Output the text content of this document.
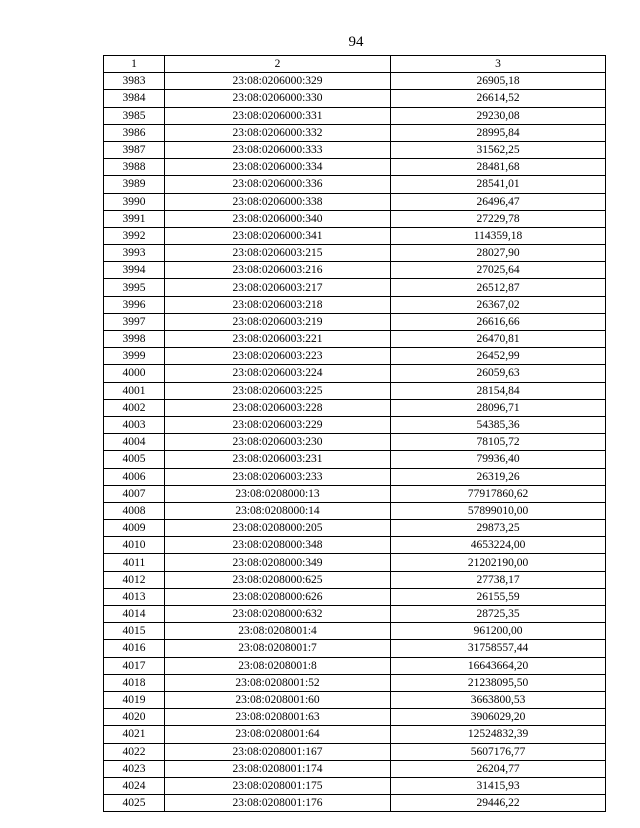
94
1	2	3
3983	23:08:0206000:329	26905,18
3984	23:08:0206000:330	26614,52
3985	23:08:0206000:331	29230,08
3986	23:08:0206000:332	28995,84
3987	23:08:0206000:333	31562,25
3988	23:08:0206000:334	28481,68
3989	23:08:0206000:336	28541,01
3990	23:08:0206000:338	26496,47
3991	23:08:0206000:340	27229,78
3992	23:08:0206000:341	114359,18
3993	23:08:0206003:215	28027,90
3994	23:08:0206003:216	27025,64
3995	23:08:0206003:217	26512,87
3996	23:08:0206003:218	26367,02
3997	23:08:0206003:219	26616,66
3998	23:08:0206003:221	26470,81
3999	23:08:0206003:223	26452,99
4000	23:08:0206003:224	26059,63
4001	23:08:0206003:225	28154,84
4002	23:08:0206003:228	28096,71
4003	23:08:0206003:229	54385,36
4004	23:08:0206003:230	78105,72
4005	23:08:0206003:231	79936,40
4006	23:08:0206003:233	26319,26
4007	23:08:0208000:13	77917860,62
4008	23:08:0208000:14	57899010,00
4009	23:08:0208000:205	29873,25
4010	23:08:0208000:348	4653224,00
4011	23:08:0208000:349	21202190,00
4012	23:08:0208000:625	27738,17
4013	23:08:0208000:626	26155,59
4014	23:08:0208000:632	28725,35
4015	23:08:0208001:4	961200,00
4016	23:08:0208001:7	31758557,44
4017	23:08:0208001:8	16643664,20
4018	23:08:0208001:52	21238095,50
4019	23:08:0208001:60	3663800,53
4020	23:08:0208001:63	3906029,20
4021	23:08:0208001:64	12524832,39
4022	23:08:0208001:167	5607176,77
4023	23:08:0208001:174	26204,77
4024	23:08:0208001:175	31415,93
4025	23:08:0208001:176	29446,22
